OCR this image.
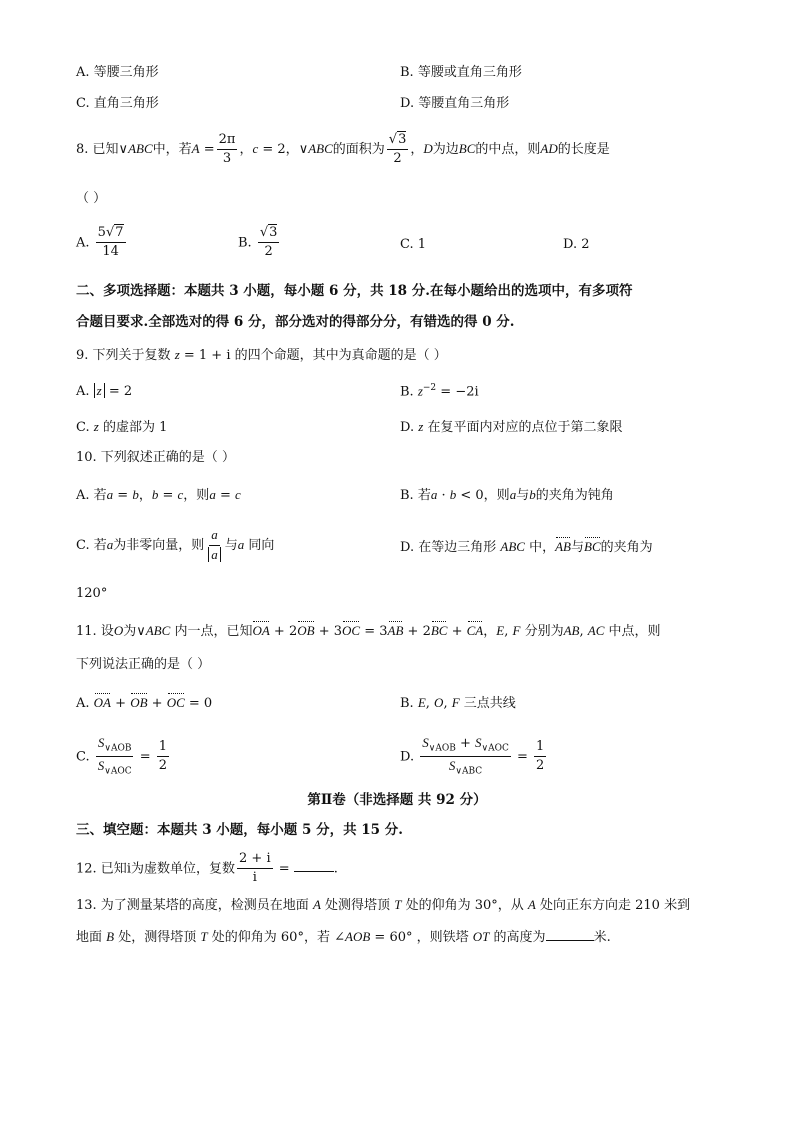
A. 等腰三角形	B. 等腰或直角三角形
C. 直角三角形	D. 等腰直角三角形
8. 已知∨ABC中，若$A = \frac{2\pi}{3}$ ，c = 2，∨ABC的面积为 $\frac{√3}{2}$ ，D为边BC的中点，则AD的长度是
（ ）
A. $\frac{5√7}{14}$	B. $\frac{√3}{2}$	C. 1	D. 2
二、多项选择题：本题共 3 小题，每小题 6 分，共 18 分.在每小题给出的选项中，有多项符
合题目要求.全部选对的得 6 分，部分选对的得部分分，有错选的得 0 分.
9. 下列关于复数 z = 1 + i 的四个命题，其中为真命题的是（ ）
A. z = 2	B. $z^{-2} = -2i$
C. z 的虚部为 1	D. z 在复平面内对应的点位于第二象限
10. 下列叙述正确的是（ ）
A. 若a = b，b = c，则a = c	B. 若a · b < 0，则a与b的夹角为钝角
C. 若a为非零向量，则 $\frac{a}{a}$ 与a 同向	D. 在等边三角形 ABC 中，AB与BC的夹角为
120°
11. 设O为∨ABC 内一点，已知OA + 2OB + 3OC = 3AB + 2BC + CA，E, F 分别为AB, AC 中点，则
下列说法正确的是（ ）
A. OA + OB + OC = 0	B. E, O, F 三点共线
C. $\frac{S_{\vee AOB}}{S_{\vee AOC}} = \frac{1}{2}$	D. $\frac{S_{\vee AOB} + S_{\vee AOC}}{S_{\vee ABC}} = \frac{1}{2}$
第Ⅱ卷（非选择题 共 92 分）
三、填空题：本题共 3 小题，每小题 5 分，共 15 分.
12. 已知i为虚数单位，复数 $\frac{2 + i}{i}$ =	.
13. 为了测量某塔的高度，检测员在地面 A 处测得塔顶 T 处的仰角为 30°，从 A 处向正东方向走 210 米到
地面 B 处，测得塔顶 T 处的仰角为 60°，若 ∠AOB = 60° ，则铁塔 OT 的高度为	米.
